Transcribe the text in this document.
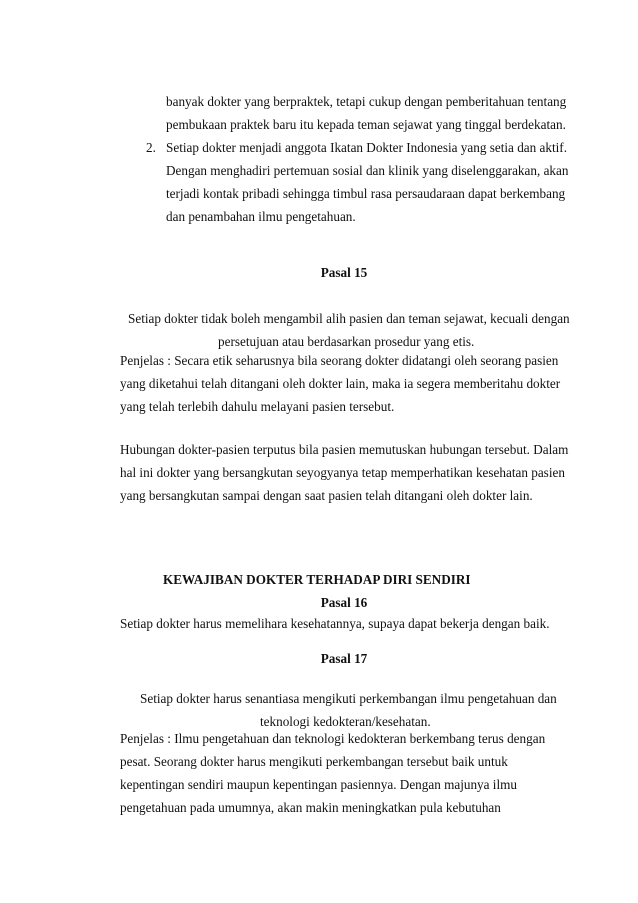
banyak dokter yang berpraktek, tetapi cukup dengan pemberitahuan tentang

pembukaan praktek baru itu kepada teman sejawat yang tinggal berdekatan.

2. Setiap dokter menjadi anggota Ikatan Dokter Indonesia yang setia dan aktif.

Dengan menghadiri pertemuan sosial dan klinik yang diselenggarakan, akan

terjadi kontak pribadi sehingga timbul rasa persaudaraan dapat berkembang

dan penambahan ilmu pengetahuan.

Pasal 15

Setiap dokter tidak boleh mengambil alih pasien dan teman sejawat, kecuali dengan

persetujuan atau berdasarkan prosedur yang etis.

Penjelas : Secara etik seharusnya bila seorang dokter didatangi oleh seorang pasien

yang diketahui telah ditangani oleh dokter lain, maka ia segera memberitahu dokter

yang telah terlebih dahulu melayani pasien tersebut.

Hubungan dokter-pasien terputus bila pasien memutuskan hubungan tersebut. Dalam

hal ini dokter yang bersangkutan seyogyanya tetap memperhatikan kesehatan pasien

yang bersangkutan sampai dengan saat pasien telah ditangani oleh dokter lain.

KEWAJIBAN DOKTER TERHADAP DIRI SENDIRI

Pasal 16

Setiap dokter harus memelihara kesehatannya, supaya dapat bekerja dengan baik.

Pasal 17

Setiap dokter harus senantiasa mengikuti perkembangan ilmu pengetahuan dan

teknologi kedokteran/kesehatan.

Penjelas : Ilmu pengetahuan dan teknologi kedokteran berkembang terus dengan

pesat. Seorang dokter harus mengikuti perkembangan tersebut baik untuk

kepentingan sendiri maupun kepentingan pasiennya. Dengan majunya ilmu

pengetahuan pada umumnya, akan makin meningkatkan pula kebutuhan
